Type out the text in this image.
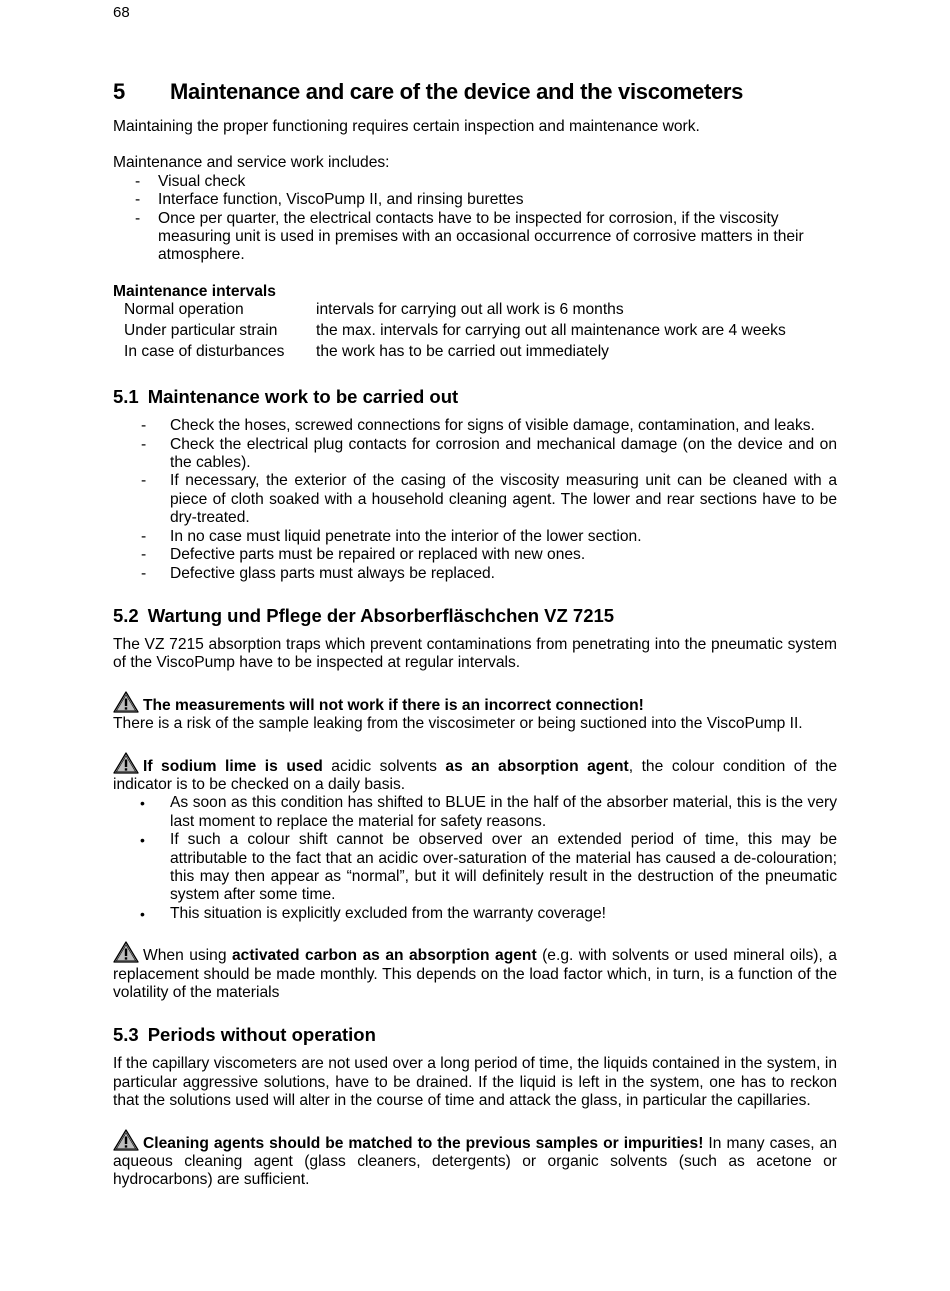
68
5 Maintenance and care of the device and the viscometers

Maintaining the proper functioning requires certain inspection and maintenance work.

Maintenance and service work includes:

- Visual check
- Interface function, ViscoPump II, and rinsing burettes
- Once per quarter, the electrical contacts have to be inspected for corrosion, if the viscosity measuring unit is used in premises with an occasional occurrence of corrosive matters in their atmosphere.

Maintenance intervals

Normal operation	intervals for carrying out all work is 6 months
Under particular strain	the max. intervals for carrying out all maintenance work are 4 weeks
In case of disturbances	the work has to be carried out immediately
5.1 Maintenance work to be carried out
- Check the hoses, screwed connections for signs of visible damage, contamination, and leaks.
- Check the electrical plug contacts for corrosion and mechanical damage (on the device and on the cables).
- If necessary, the exterior of the casing of the viscosity measuring unit can be cleaned with a piece of cloth soaked with a household cleaning agent. The lower and rear sections have to be dry-treated.
- In no case must liquid penetrate into the interior of the lower section.
- Defective parts must be repaired or replaced with new ones.
- Defective glass parts must always be replaced.
5.2 Wartung und Pflege der Absorberfläschchen VZ 7215

The VZ 7215 absorption traps which prevent contaminations from penetrating into the pneumatic system of the ViscoPump have to be inspected at regular intervals.

The measurements will not work if there is an incorrect connection!
There is a risk of the sample leaking from the viscosimeter or being suctioned into the ViscoPump II.
If sodium lime is used acidic solvents as an absorption agent, the colour condition of the indicator is to be checked on a daily basis.
• As soon as this condition has shifted to BLUE in the half of the absorber material, this is the very last moment to replace the material for safety reasons.
• If such a colour shift cannot be observed over an extended period of time, this may be attributable to the fact that an acidic over-saturation of the material has caused a de-colouration; this may then appear as “normal”, but it will definitely result in the destruction of the pneumatic system after some time.
• This situation is explicitly excluded from the warranty coverage!
When using activated carbon as an absorption agent (e.g. with solvents or used mineral oils), a replacement should be made monthly. This depends on the load factor which, in turn, is a function of the volatility of the materials
5.3 Periods without operation

If the capillary viscometers are not used over a long period of time, the liquids contained in the system, in particular aggressive solutions, have to be drained. If the liquid is left in the system, one has to reckon that the solutions used will alter in the course of time and attack the glass, in particular the capillaries.

Cleaning agents should be matched to the previous samples or impurities! In many cases, an aqueous cleaning agent (glass cleaners, detergents) or organic solvents (such as acetone or hydrocarbons) are sufficient.
